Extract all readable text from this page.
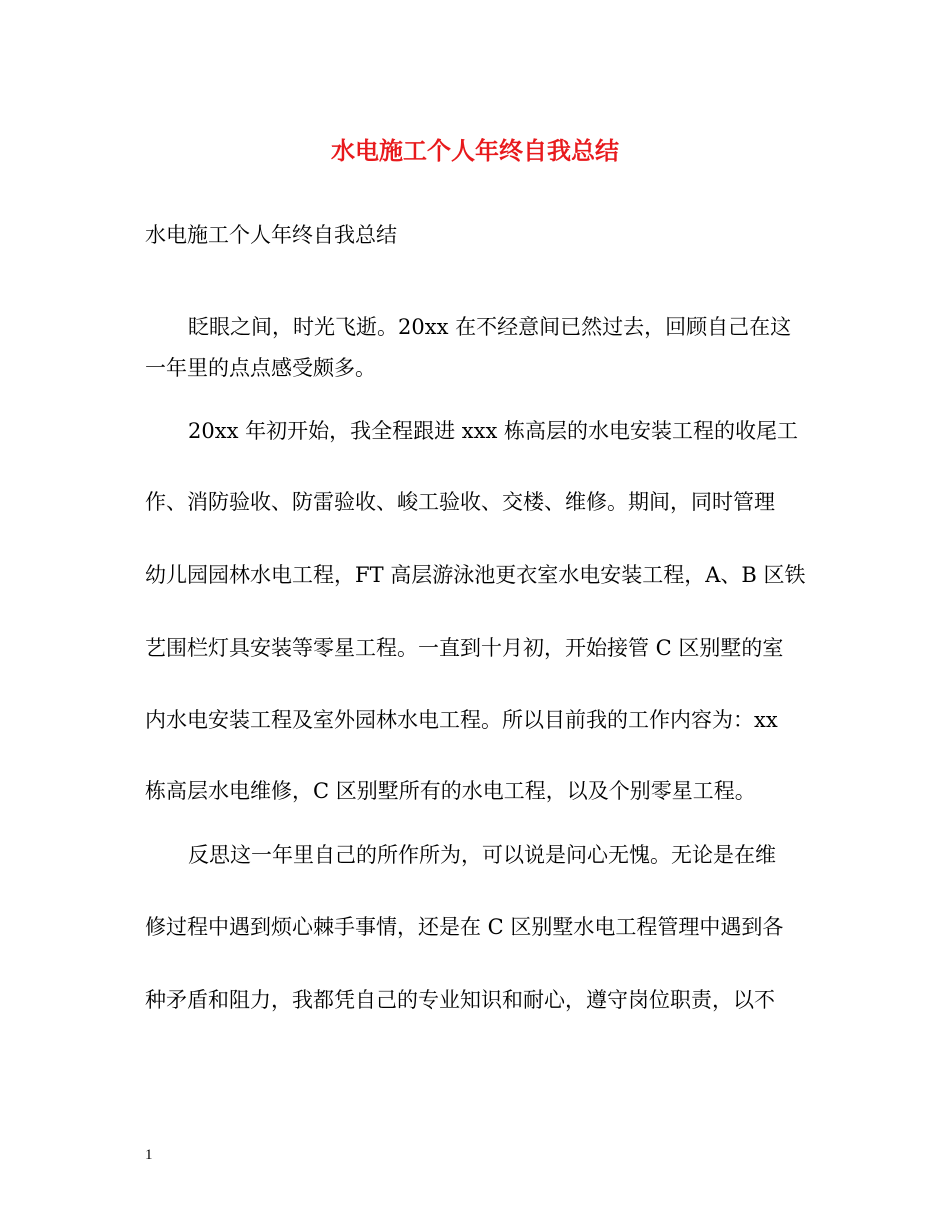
水电施工个人年终自我总结
水电施工个人年终自我总结
眨眼之间，时光飞逝。20xx 在不经意间已然过去，回顾自己在这
一年里的点点感受颇多。
20xx 年初开始，我全程跟进 xxx 栋高层的水电安装工程的收尾工
作、消防验收、防雷验收、峻工验收、交楼、维修。期间，同时管理
幼儿园园林水电工程，FT 高层游泳池更衣室水电安装工程，A、B 区铁
艺围栏灯具安装等零星工程。一直到十月初，开始接管 C 区别墅的室
内水电安装工程及室外园林水电工程。所以目前我的工作内容为：xx
栋高层水电维修，C 区别墅所有的水电工程，以及个别零星工程。
反思这一年里自己的所作所为，可以说是问心无愧。无论是在维
修过程中遇到烦心棘手事情，还是在 C 区别墅水电工程管理中遇到各
种矛盾和阻力，我都凭自己的专业知识和耐心，遵守岗位职责，以不
1
